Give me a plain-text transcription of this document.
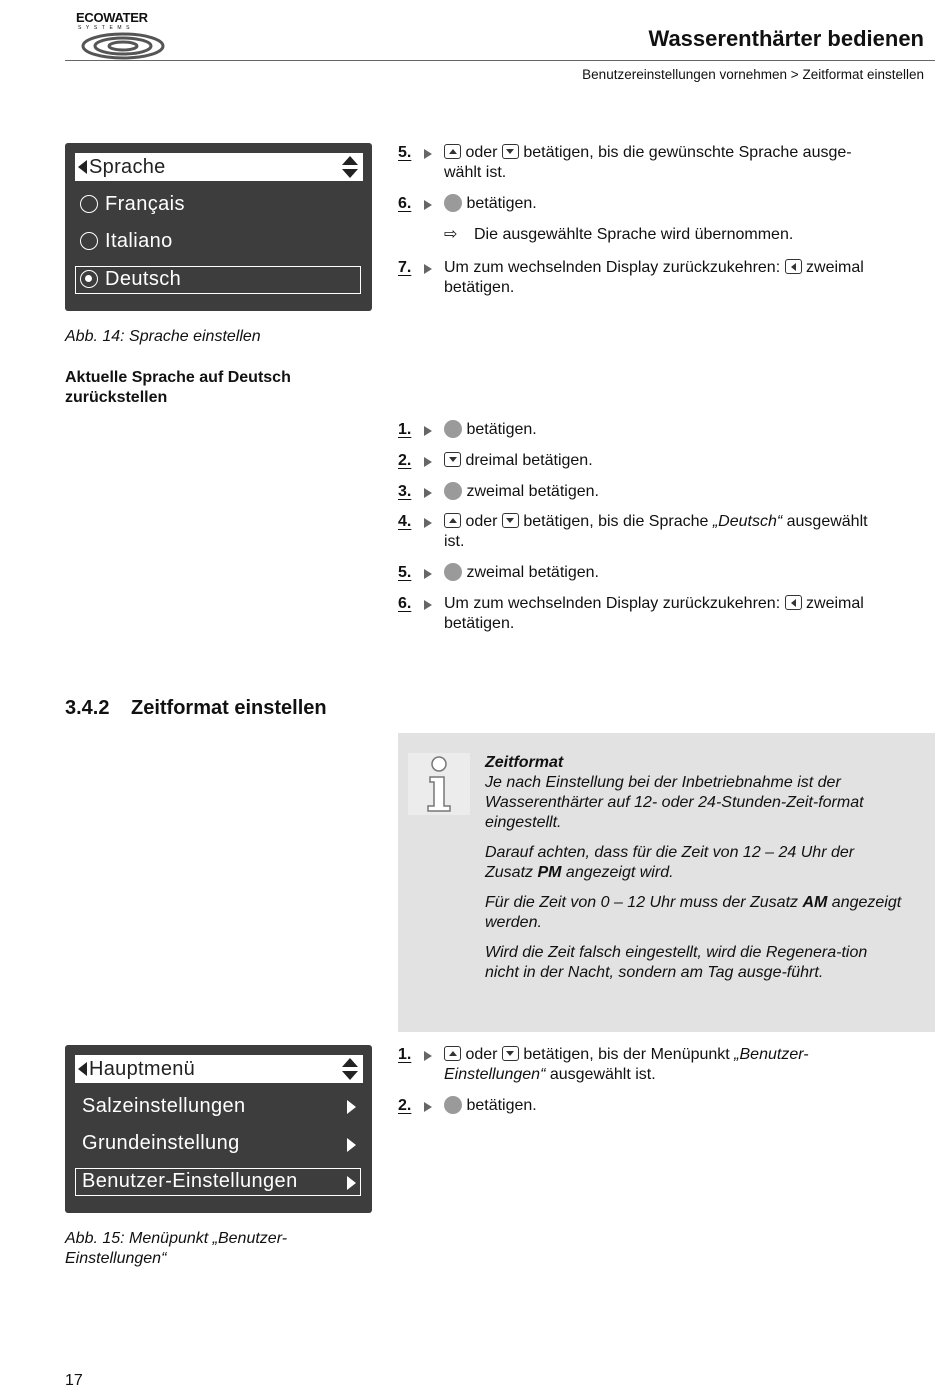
ECOWATER
SYSTEMS	Wasserenthärter bedienen
Benutzereinstellungen vornehmen > Zeitformat einstellen
Sprache
Français
Italiano
Deutsch
Abb. 14: Sprache einstellen
Aktuelle Sprache auf Deutsch zurückstellen
5.	oder  betätigen, bis die gewünschte Sprache ausge-
wählt ist.
6.	betätigen.
⇨ Die ausgewählte Sprache wird übernommen.
7. Um zum wechselnden Display zurückzukehren:  zweimal
betätigen.
1.	betätigen.
2.	dreimal betätigen.
3.	zweimal betätigen.
4.	oder  betätigen, bis die Sprache „Deutsch“ ausgewählt
ist.
5.	zweimal betätigen.
6. Um zum wechselnden Display zurückzukehren:  zweimal
betätigen.
3.4.2 Zeitformat einstellen

Zeitformat

Je nach Einstellung bei der Inbetriebnahme ist der Wasserenthärter auf 12- oder 24-Stunden-Zeit-format eingestellt.

Darauf achten, dass für die Zeit von 12 – 24 Uhr der Zusatz PM angezeigt wird.

Für die Zeit von 0 – 12 Uhr muss der Zusatz AM angezeigt werden.

Wird die Zeit falsch eingestellt, wird die Regenera-tion nicht in der Nacht, sondern am Tag ausge-führt.

Hauptmenü
Salzeinstellungen
Grundeinstellung
Benutzer-Einstellungen
Abb. 15: Menüpunkt „Benutzer-
Einstellungen“
1.	oder  betätigen, bis der Menüpunkt „Benutzer-
Einstellungen“ ausgewählt ist.
2.	betätigen.
17
